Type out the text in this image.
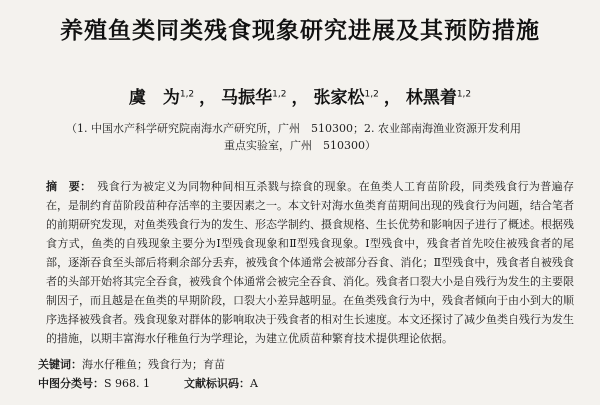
养殖鱼类同类残食现象研究进展及其预防措施
虞　为$^{1,2}$ ， 马振华$^{1,2}$ ， 张家松$^{1,2}$ ， 林黑着$^{1,2}$
（1. 中国水产科学研究院南海水产研究所，广州　510300；2. 农业部南海渔业资源开发利用
重点实验室，广州　510300）
摘　要： 残食行为被定义为同物种间相互杀戮与捺食的现象。在鱼类人工育苗阶段，同类残食行为普遍存在，是制约育苗阶段苗种存活率的主要因素之一。本文针对海水鱼类育苗期间出现的残食行为问题，结合笔者的前期研究发现，对鱼类残食行为的发生、形态学制约、摄食规格、生长优势和影响因子进行了概述。根据残食方式，鱼类的自残现象主要分为Ⅰ型残食现象和Ⅱ型残食现象。Ⅰ型残食中，残食者首先咬住被残食者的尾部，逐渐吞食至头部后将剩余部分丢弃，被残食个体通常会被部分吞食、消化；Ⅱ型残食中，残食者自被残食者的头部开始将其完全吞食，被残食个体通常会被完全吞食、消化。残食者口裂大小是自残行为发生的主要限制因子，而且越是在鱼类的早期阶段，口裂大小差异越明显。在鱼类残食行为中，残食者倾向于由小到大的顺序选择被残食者。残食现象对群体的影响取决于残食者的相对生长速度。本文还探讨了减少鱼类自残行为发生的措施，以期丰富海水仔稚鱼行为学理论，为建立优质苗种繁育技术提供理论依据。
关键词：海水仔稚鱼；残食行为；育苗
中图分类号：S 968. 1	文献标识码：A
